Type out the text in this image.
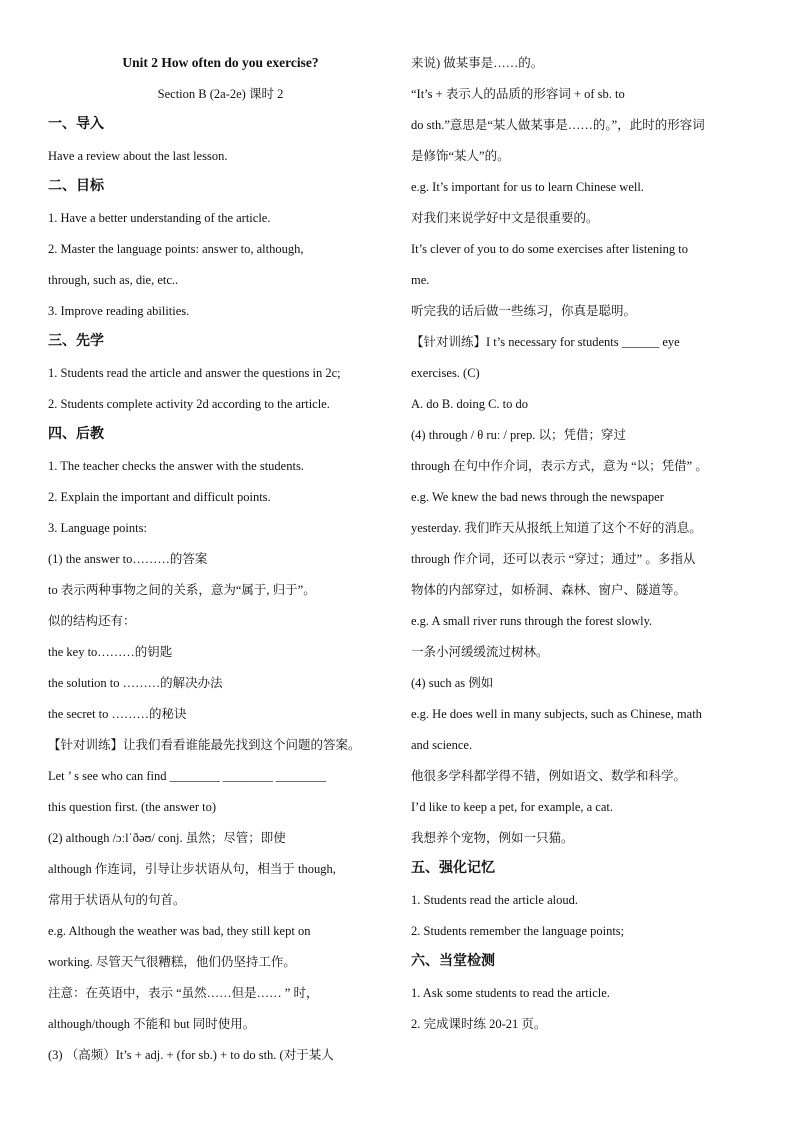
Unit 2 How often do you exercise?
Section B (2a-2e) 课时 2
一、导入
Have a review about the last lesson.
二、目标
1. Have a better understanding of the article.
2. Master the language points: answer to, although,
through, such as, die, etc..
3. Improve reading abilities.
三、先学
1. Students read the article and answer the questions in 2c;
2. Students complete activity 2d according to the article.
四、后教
1. The teacher checks the answer with the students.
2. Explain the important and difficult points.
3. Language points:
(1) the answer to………的答案
to 表示两种事物之间的关系，意为“属于, 归于”。
似的结构还有：
the key to………的钥匙
the solution to ………的解决办法
the secret to ………的秘诀
【针对训练】让我们看看谁能最先找到这个问题的答案。
Let ’ s see who can find ________ ________ ________
this question first. (the answer to)
(2) although /ɔːlˈðəʊ/ conj. 虽然；尽管；即使
although 作连词，引导让步状语从句，相当于 though,
常用于状语从句的句首。
e.g. Although the weather was bad, they still kept on
working. 尽管天气很糟糕，他们仍坚持工作。
注意：在英语中，表示 “虽然……但是…… ” 时，
although/though 不能和 but 同时使用。
(3) （高频）It’s + adj. + (for sb.) + to do sth. (对于某人
来说) 做某事是……的。
“It’s + 表示人的品质的形容词 + of sb. to
do sth.”意思是“某人做某事是……的。”，此时的形容词
是修饰“某人”的。
e.g. It’s important for us to learn Chinese well.
对我们来说学好中文是很重要的。
It’s clever of you to do some exercises after listening to
me.
听完我的话后做一些练习，你真是聪明。
【针对训练】I t’s necessary for students ______ eye
exercises. (C)
A. do B. doing C. to do
(4) through / θ ruː / prep. 以；凭借；穿过
through 在句中作介词，表示方式，意为 “以；凭借” 。
e.g. We knew the bad news through the newspaper
yesterday. 我们昨天从报纸上知道了这个不好的消息。
through 作介词，还可以表示 “穿过；通过” 。多指从
物体的内部穿过，如桥洞、森林、窗户、隧道等。
e.g. A small river runs through the forest slowly.
一条小河缓缓流过树林。
(4) such as 例如
e.g. He does well in many subjects, such as Chinese, math
and science.
他很多学科都学得不错，例如语文、数学和科学。
I’d like to keep a pet, for example, a cat.
我想养个宠物，例如一只猫。
五、强化记忆
1. Students read the article aloud.
2. Students remember the language points;
六、当堂检测
1. Ask some students to read the article.
2. 完成课时练 20-21 页。
